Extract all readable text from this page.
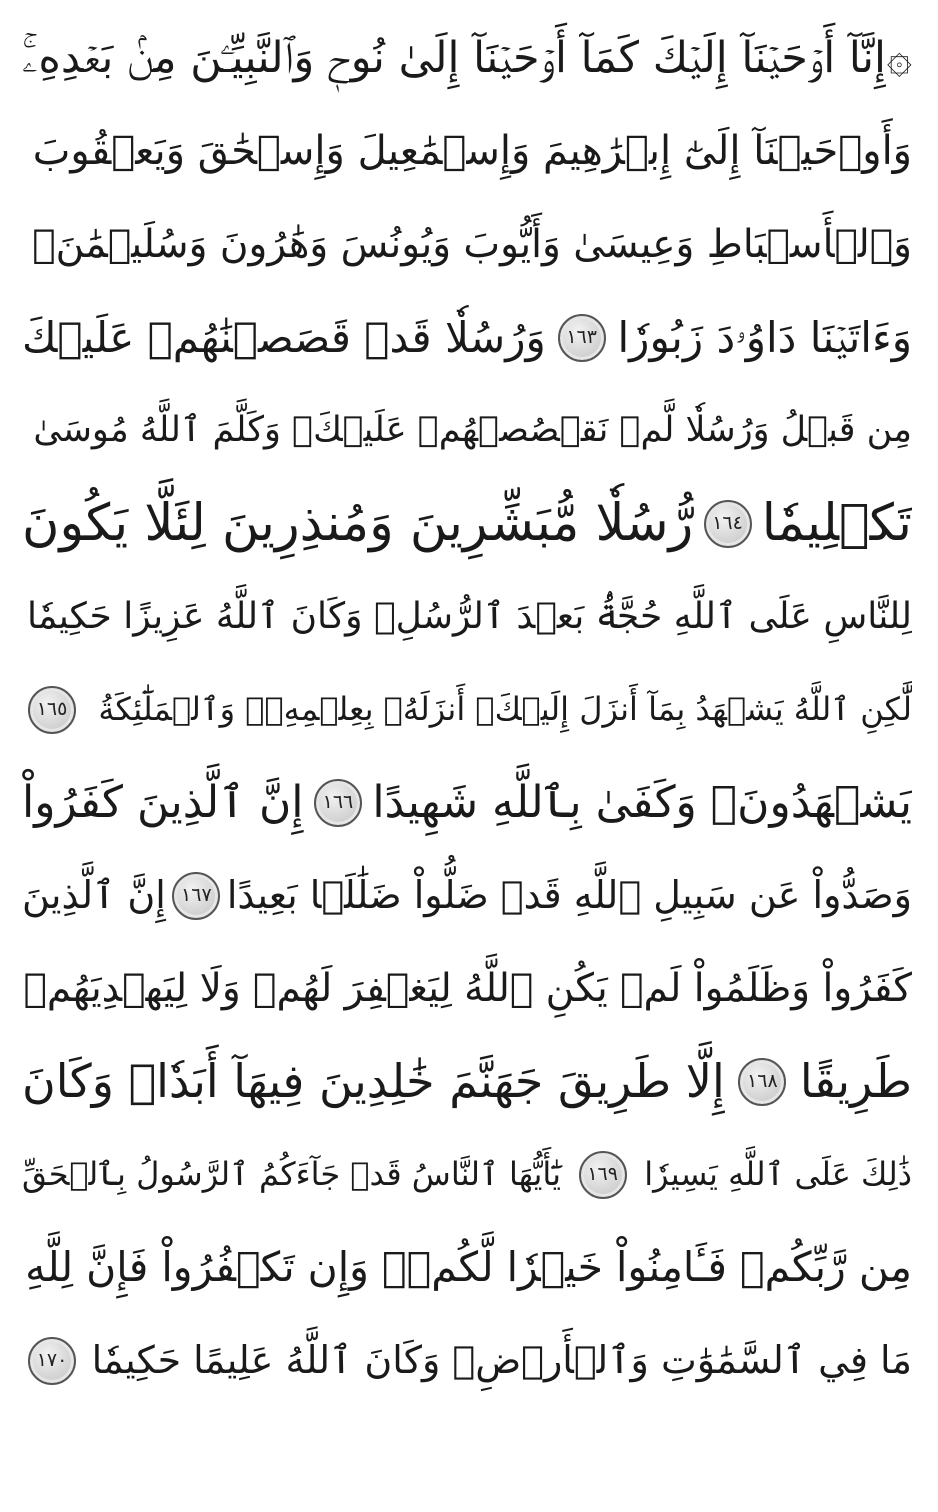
۞
إِنَّآ أَوۡحَيۡنَآ إِلَيۡكَ كَمَآ أَوۡحَيۡنَآ إِلَىٰ نُوحٖ وَٱلنَّبِيِّـۧنَ مِنۢ بَعۡدِهِۦۚ
وَأَوۡحَيۡنَآ إِلَىٰٓ إِبۡرَٰهِيمَ وَإِسۡمَٰعِيلَ وَإِسۡحَٰقَ وَيَعۡقُوبَ
وَٱلۡأَسۡبَاطِ وَعِيسَىٰ وَأَيُّوبَ وَيُونُسَ وَهَٰرُونَ وَسُلَيۡمَٰنَۚ
وَءَاتَيۡنَا دَاوُۥدَ زَبُورٗا
١٦٣
وَرُسُلٗا قَدۡ قَصَصۡنَٰهُمۡ عَلَيۡكَ
مِن قَبۡلُ وَرُسُلٗا لَّمۡ نَقۡصُصۡهُمۡ عَلَيۡكَۚ وَكَلَّمَ ٱللَّهُ مُوسَىٰ
تَكۡلِيمٗا
١٦٤
رُّسُلٗا مُّبَشِّرِينَ وَمُنذِرِينَ لِئَلَّا يَكُونَ
لِلنَّاسِ عَلَى ٱللَّهِ حُجَّةُۢ بَعۡدَ ٱلرُّسُلِۚ وَكَانَ ٱللَّهُ عَزِيزًا حَكِيمٗا
لَّٰكِنِ ٱللَّهُ يَشۡهَدُ بِمَآ أَنزَلَ إِلَيۡكَۖ أَنزَلَهُۥ بِعِلۡمِهِۦۖ وَٱلۡمَلَٰٓئِكَةُ
١٦٥
يَشۡهَدُونَۚ وَكَفَىٰ بِٱللَّهِ شَهِيدًا
١٦٦
إِنَّ ٱلَّذِينَ كَفَرُواْ
وَصَدُّواْ عَن سَبِيلِ ٱللَّهِ قَدۡ ضَلُّواْ ضَلَٰلَۢا بَعِيدًا
١٦٧
إِنَّ ٱلَّذِينَ
كَفَرُواْ وَظَلَمُواْ لَمۡ يَكُنِ ٱللَّهُ لِيَغۡفِرَ لَهُمۡ وَلَا لِيَهۡدِيَهُمۡ
طَرِيقًا
١٦٨
إِلَّا طَرِيقَ جَهَنَّمَ خَٰلِدِينَ فِيهَآ أَبَدٗاۚ وَكَانَ
ذَٰلِكَ عَلَى ٱللَّهِ يَسِيرٗا
١٦٩
يَٰٓأَيُّهَا ٱلنَّاسُ قَدۡ جَآءَكُمُ ٱلرَّسُولُ بِٱلۡحَقِّ
مِن رَّبِّكُمۡ فَـَٔامِنُواْ خَيۡرٗا لَّكُمۡۚ وَإِن تَكۡفُرُواْ فَإِنَّ لِلَّهِ
مَا فِي ٱلسَّمَٰوَٰتِ وَٱلۡأَرۡضِۚ وَكَانَ ٱللَّهُ عَلِيمًا حَكِيمٗا
١٧٠
